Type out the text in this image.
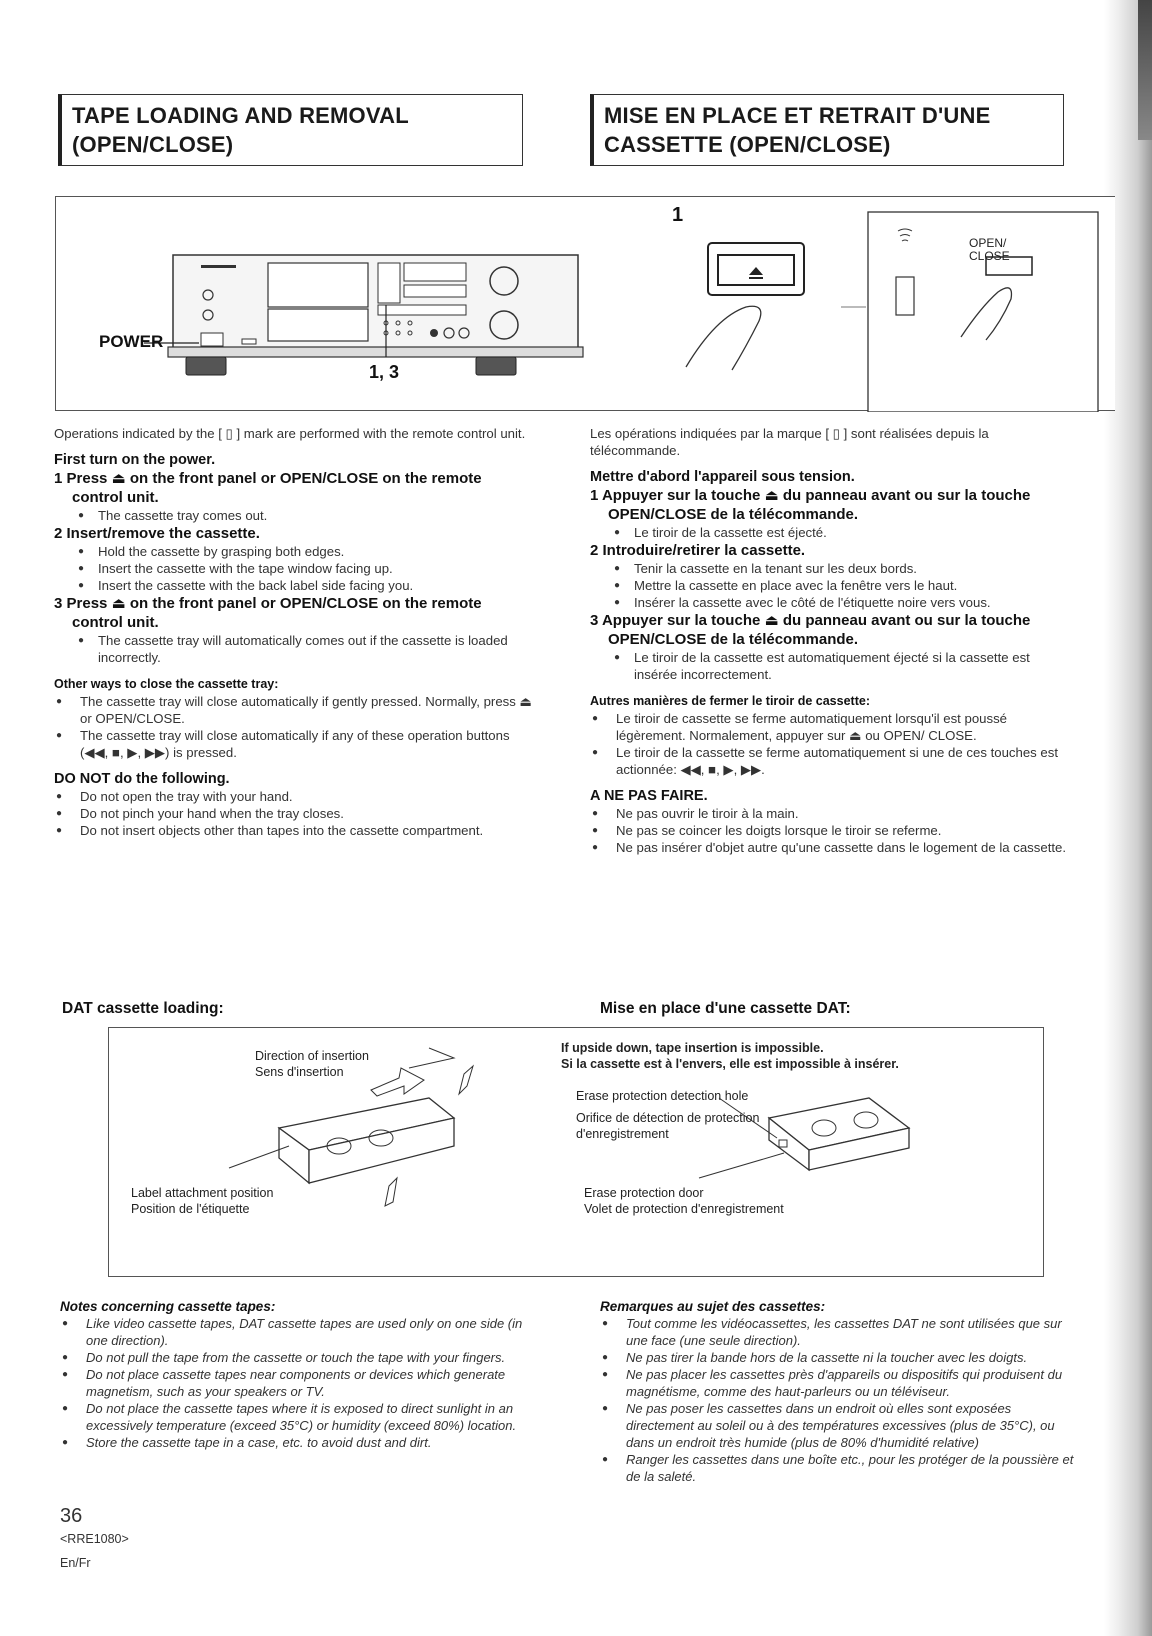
TAPE LOADING AND REMOVAL
(OPEN/CLOSE)
MISE EN PLACE ET RETRAIT D'UNE
CASSETTE (OPEN/CLOSE)
POWER
1, 3
1
OPEN/
CLOSE

Operations indicated by the [ ▯ ] mark are performed with the remote control unit.

First turn on the power.

1 Press ⏏ on the front panel or OPEN/CLOSE on the remote control unit.

● The cassette tray comes out.

2 Insert/remove the cassette.

● Hold the cassette by grasping both edges.

● Insert the cassette with the tape window facing up.

● Insert the cassette with the back label side facing you.

3 Press ⏏ on the front panel or OPEN/CLOSE on the remote control unit.

● The cassette tray will automatically comes out if the cassette is loaded incorrectly.

Other ways to close the cassette tray:

● The cassette tray will close automatically if gently pressed. Normally, press ⏏ or OPEN/CLOSE.

● The cassette tray will close automatically if any of these operation buttons (◀◀, ■, ▶, ▶▶) is pressed.

DO NOT do the following.

● Do not open the tray with your hand.

● Do not pinch your hand when the tray closes.

● Do not insert objects other than tapes into the cassette compartment.

Les opérations indiquées par la marque [ ▯ ] sont réalisées depuis la télécommande.

Mettre d'abord l'appareil sous tension.

1 Appuyer sur la touche ⏏ du panneau avant ou sur la touche OPEN/CLOSE de la télécommande.

● Le tiroir de la cassette est éjecté.

2 Introduire/retirer la cassette.

● Tenir la cassette en la tenant sur les deux bords.

● Mettre la cassette en place avec la fenêtre vers le haut.

● Insérer la cassette avec le côté de l'étiquette noire vers vous.

3 Appuyer sur la touche ⏏ du panneau avant ou sur la touche OPEN/CLOSE de la télécommande.

● Le tiroir de la cassette est automatiquement éjecté si la cassette est insérée incorrectement.

Autres manières de fermer le tiroir de cassette:

● Le tiroir de cassette se ferme automatiquement lorsqu'il est poussé légèrement. Normalement, appuyer sur ⏏ ou OPEN/ CLOSE.

● Le tiroir de la cassette se ferme automatiquement si une de ces touches est actionnée: ◀◀, ■, ▶, ▶▶.

A NE PAS FAIRE.

● Ne pas ouvrir le tiroir à la main.

● Ne pas se coincer les doigts lorsque le tiroir se referme.

● Ne pas insérer d'objet autre qu'une cassette dans le logement de la cassette.

DAT cassette loading:	Mise en place d'une cassette DAT:
Direction of insertion
Sens d'insertion
Label attachment position
Position de l'étiquette
If upside down, tape insertion is impossible.
Si la cassette est à l'envers, elle est impossible à insérer.
Erase protection detection hole
Orifice de détection de protection
d'enregistrement
Erase protection door
Volet de protection d'enregistrement

Notes concerning cassette tapes:

● Like video cassette tapes, DAT cassette tapes are used only on one side (in one direction).

● Do not pull the tape from the cassette or touch the tape with your fingers.

● Do not place cassette tapes near components or devices which generate magnetism, such as your speakers or TV.

● Do not place the cassette tapes where it is exposed to direct sunlight in an excessively temperature (exceed 35°C) or humidity (exceed 80%) location.

● Store the cassette tape in a case, etc. to avoid dust and dirt.

Remarques au sujet des cassettes:

● Tout comme les vidéocassettes, les cassettes DAT ne sont utilisées que sur une face (une seule direction).

● Ne pas tirer la bande hors de la cassette ni la toucher avec les doigts.

● Ne pas placer les cassettes près d'appareils ou dispositifs qui produisent du magnétisme, comme des haut-parleurs ou un téléviseur.

● Ne pas poser les cassettes dans un endroit où elles sont exposées directement au soleil ou à des températures excessives (plus de 35°C), ou dans un endroit très humide (plus de 80% d'humidité relative)

● Ranger les cassettes dans une boîte etc., pour les protéger de la poussière et de la saleté.

36
<RRE1080>
En/Fr
